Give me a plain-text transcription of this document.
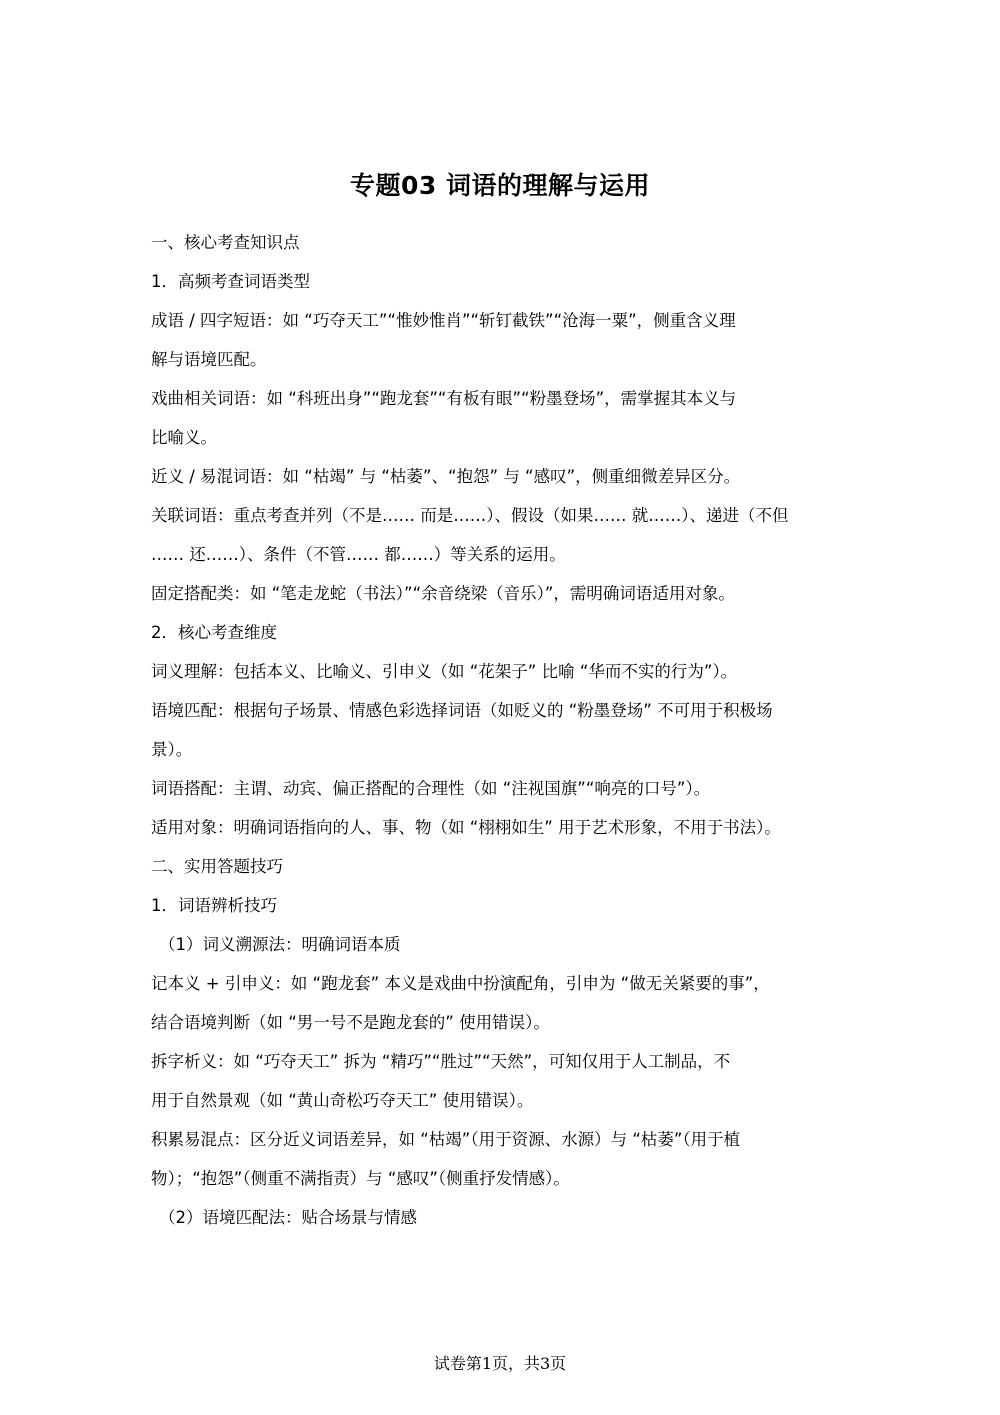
专题03 词语的理解与运用
一、核心考查知识点
1．高频考查词语类型
成语 / 四字短语：如 “巧夺天工”“惟妙惟肖”“斩钉截铁”“沧海一粟”，侧重含义理
解与语境匹配。
戏曲相关词语：如 “科班出身”“跑龙套”“有板有眼”“粉墨登场”，需掌握其本义与
比喻义。
近义 / 易混词语：如 “枯竭” 与 “枯萎”、“抱怨” 与 “感叹”，侧重细微差异区分。
关联词语：重点考查并列（不是…… 而是……）、假设（如果…… 就……）、递进（不但
…… 还……）、条件（不管…… 都……）等关系的运用。
固定搭配类：如 “笔走龙蛇（书法）”“余音绕梁（音乐）”，需明确词语适用对象。
2．核心考查维度
词义理解：包括本义、比喻义、引申义（如 “花架子” 比喻 “华而不实的行为”）。
语境匹配：根据句子场景、情感色彩选择词语（如贬义的 “粉墨登场” 不可用于积极场
景）。
词语搭配：主谓、动宾、偏正搭配的合理性（如 “注视国旗”“响亮的口号”）。
适用对象：明确词语指向的人、事、物（如 “栩栩如生” 用于艺术形象，不用于书法）。
二、实用答题技巧
1．词语辨析技巧
（1）词义溯源法：明确词语本质
记本义 + 引申义：如 “跑龙套” 本义是戏曲中扮演配角，引申为 “做无关紧要的事”，
结合语境判断（如 “男一号不是跑龙套的” 使用错误）。
拆字析义：如 “巧夺天工” 拆为 “精巧”“胜过”“天然”，可知仅用于人工制品，不
用于自然景观（如 “黄山奇松巧夺天工” 使用错误）。
积累易混点：区分近义词语差异，如 “枯竭”（用于资源、水源）与 “枯萎”（用于植
物）；“抱怨”（侧重不满指责）与 “感叹”（侧重抒发情感）。
（2）语境匹配法：贴合场景与情感
试卷第1页，共3页
